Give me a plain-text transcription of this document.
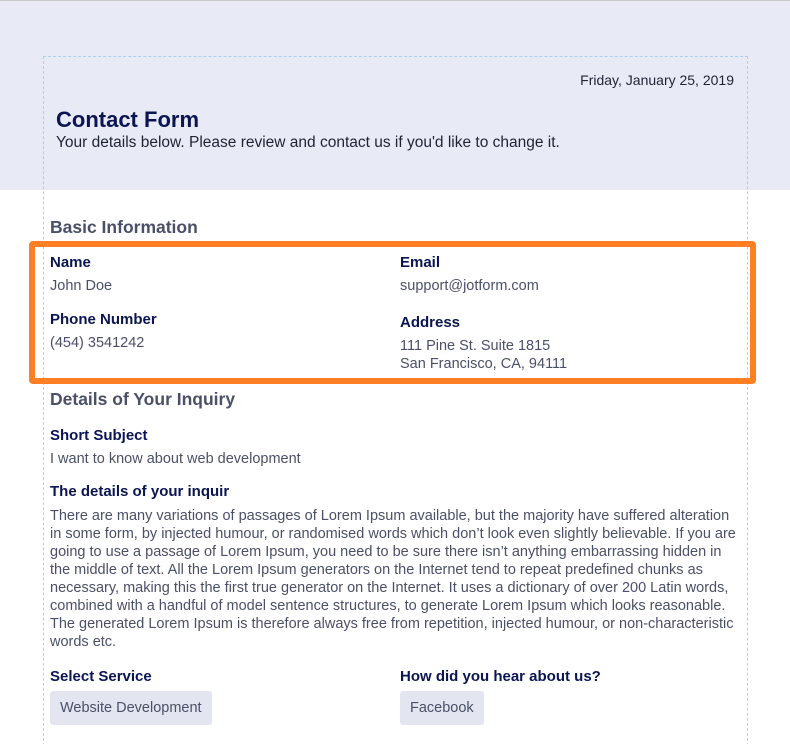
Friday, January 25, 2019
Contact Form
Your details below. Please review and contact us if you'd like to change it.
Basic Information
Name
John Doe
Email
support@jotform.com
Phone Number
(454) 3541242
Address
111 Pine St. Suite 1815
San Francisco, CA, 94111
Details of Your Inquiry
Short Subject
I want to know about web development
The details of your inquir
There are many variations of passages of Lorem Ipsum available, but the majority have suffered alteration in some form, by injected humour, or randomised words which don’t look even slightly believable. If you are going to use a passage of Lorem Ipsum, you need to be sure there isn’t anything embarrassing hidden in the middle of text. All the Lorem Ipsum generators on the Internet tend to repeat predefined chunks as necessary, making this the first true generator on the Internet. It uses a dictionary of over 200 Latin words, combined with a handful of model sentence structures, to generate Lorem Ipsum which looks reasonable. The generated Lorem Ipsum is therefore always free from repetition, injected humour, or non-characteristic words etc.
Select Service
Website Development
How did you hear about us?
Facebook
